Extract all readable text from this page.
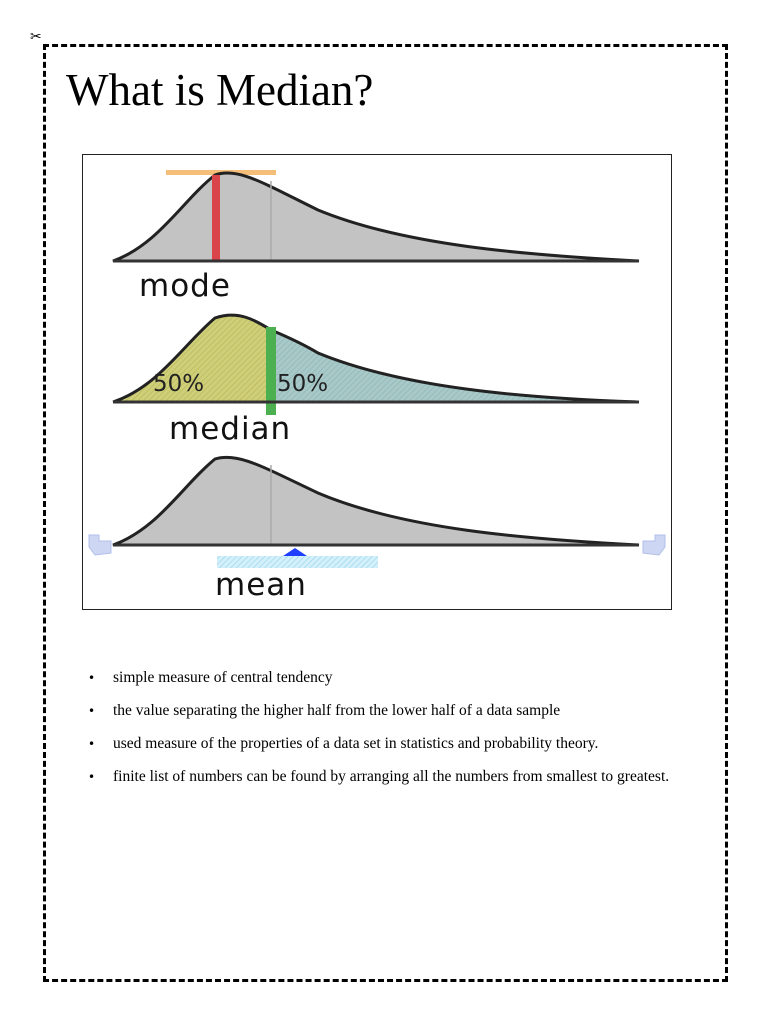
✂
What is Median?
mode
50%	50%
median
mean
• simple measure of central tendency
• the value separating the higher half from the lower half of a data sample
• used measure of the properties of a data set in statistics and probability theory.
• finite list of numbers can be found by arranging all the numbers from smallest to greatest.
